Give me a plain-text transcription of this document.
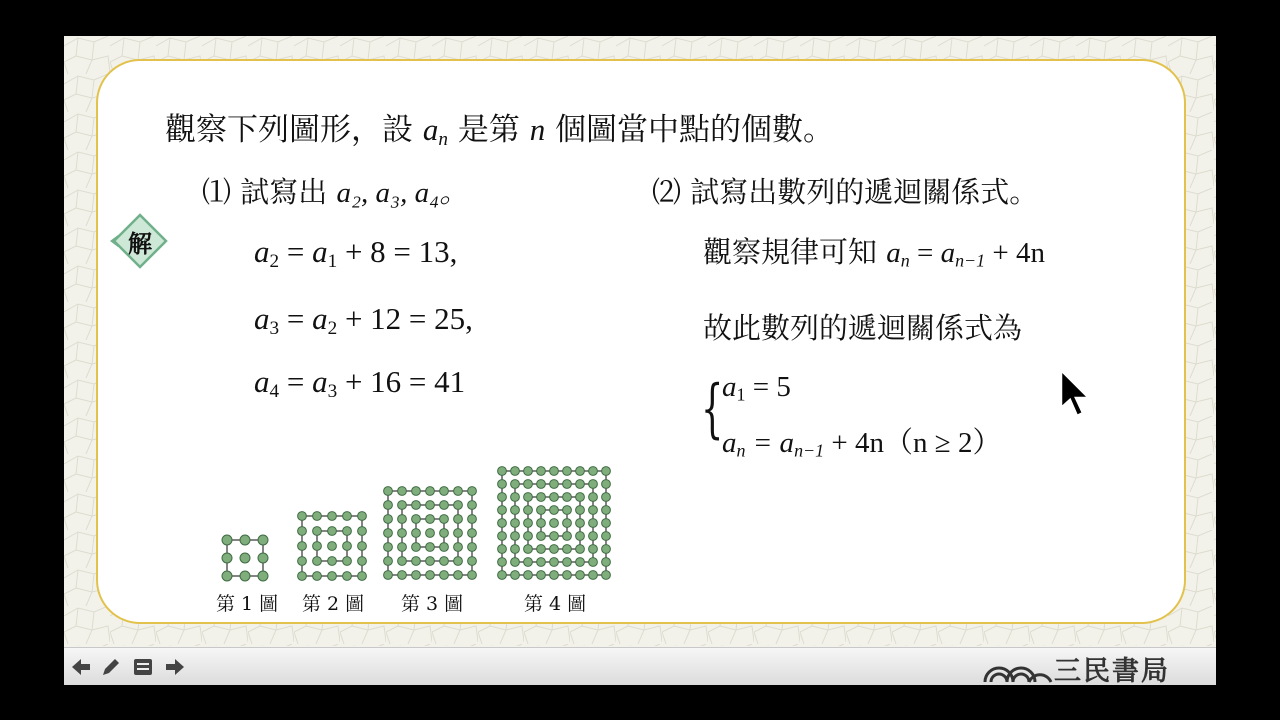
觀察下列圖形，設 $a_n$ 是第 n 個圖當中點的個數。
⑴ 試寫出 a₂, a₃, a₄。
$a_2 = a_1 + 8 = 13$,
$a_3 = a_2 + 12 = 25$,
$a_4 = a_3 + 16 = 41$
⑵ 試寫出數列的遞迴關係式。
觀察規律可知 $a_n = a_{n-1} + 4n$
故此數列的遞迴關係式為
{
$a_1 = 5$
$a_n = a_{n-1} + 4n(n \ge 2)$
解
第 1 圖 第 2 圖 第 3 圖	第 4 圖
三民書局
